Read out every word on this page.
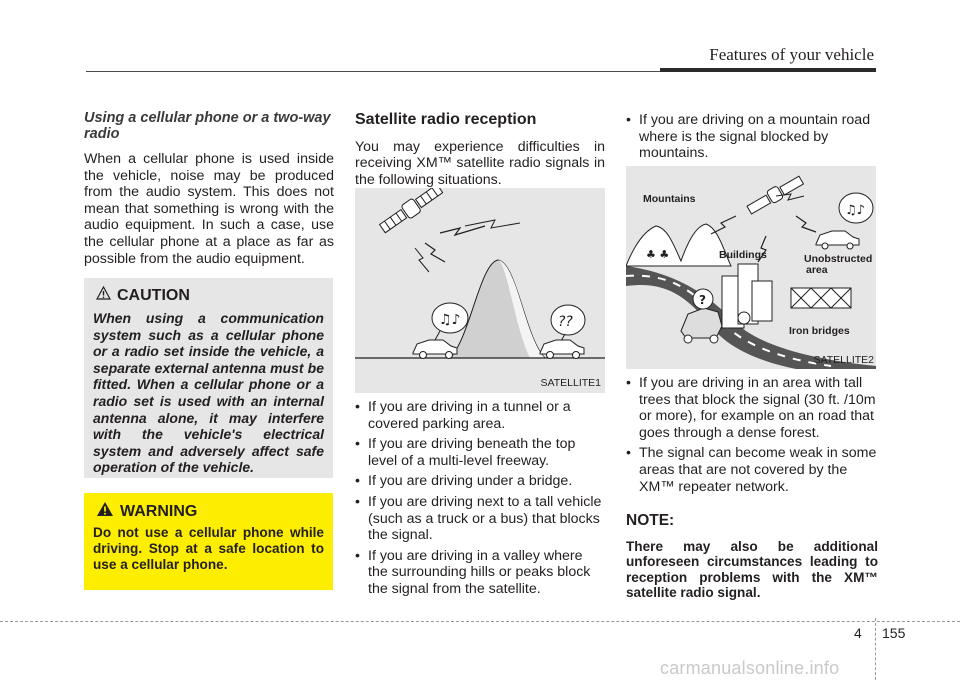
Features of your vehicle

Using a cellular phone or a two-way radio

When a cellular phone is used inside the vehicle, noise may be produced from the audio system. This does not mean that something is wrong with the audio equipment. In such a case, use the cellular phone at a place as far as possible from the audio equipment.

CAUTION
When using a communication system such as a cellular phone or a radio set inside the vehicle, a separate external antenna must be fitted. When a cellular phone or a radio set is used with an internal antenna alone, it may interfere with the vehicle's electrical system and adversely affect safe operation of the vehicle.
WARNING
Do not use a cellular phone while driving. Stop at a safe location to use a cellular phone.
Satellite radio reception

You may experience difficulties in receiving XM™ satellite radio signals in the following situations.

♫♪	??
SATELLITE1
• If you are driving in a tunnel or a covered parking area.
• If you are driving beneath the top level of a multi-level freeway.
• If you are driving under a bridge.
• If you are driving next to a tall vehicle (such as a truck or a bus) that blocks the signal.
• If you are driving in a valley where the surrounding hills or peaks block the signal from the satellite.
• If you are driving on a mountain road where is the signal blocked by mountains.
♣ ♣
Mountains
♫♪
Unobstructed
area
Buildings
Iron bridges
?
SATELLITE2
• If you are driving in an area with tall trees that block the signal (30 ft. /10m or more), for example on an road that goes through a dense forest.
• The signal can become weak in some areas that are not covered by the XM™ repeater network.
NOTE:

There may also be additional unforeseen circumstances leading to reception problems with the XM™ satellite radio signal.

4 155
carmanualsonline.info
